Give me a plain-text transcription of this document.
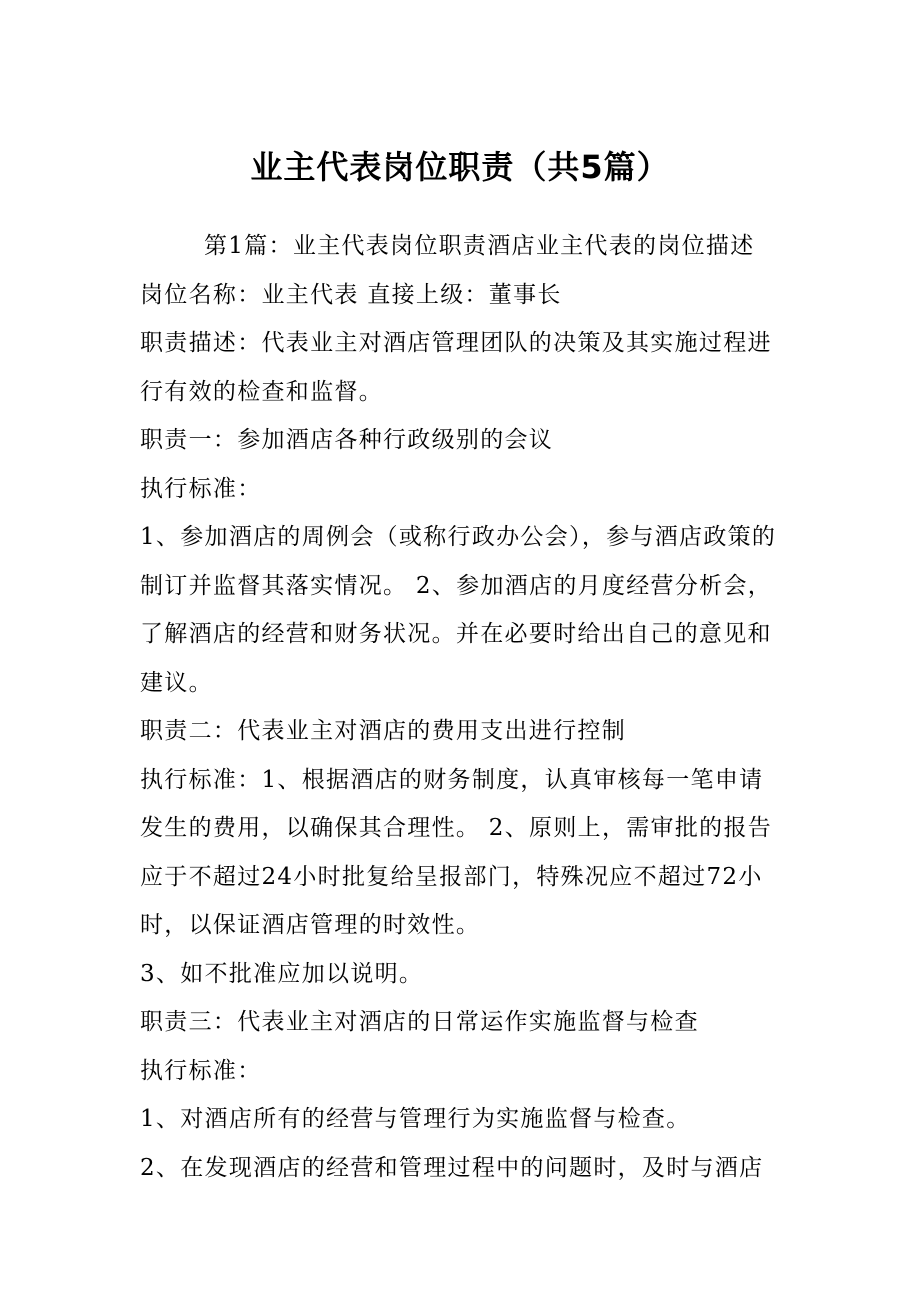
业主代表岗位职责（共5篇）
第1篇：业主代表岗位职责酒店业主代表的岗位描述
岗位名称：业主代表 直接上级：董事长
职责描述：代表业主对酒店管理团队的决策及其实施过程进
行有效的检查和监督。
职责一：参加酒店各种行政级别的会议
执行标准：
1、参加酒店的周例会（或称行政办公会），参与酒店政策的
制订并监督其落实情况。 2、参加酒店的月度经营分析会，
了解酒店的经营和财务状况。并在必要时给出自己的意见和
建议。
职责二：代表业主对酒店的费用支出进行控制
执行标准：1、根据酒店的财务制度，认真审核每一笔申请
发生的费用，以确保其合理性。 2、原则上，需审批的报告
应于不超过24小时批复给呈报部门，特殊况应不超过72小
时，以保证酒店管理的时效性。
3、如不批准应加以说明。
职责三：代表业主对酒店的日常运作实施监督与检查
执行标准：
1、对酒店所有的经营与管理行为实施监督与检查。
2、在发现酒店的经营和管理过程中的问题时，及时与酒店
